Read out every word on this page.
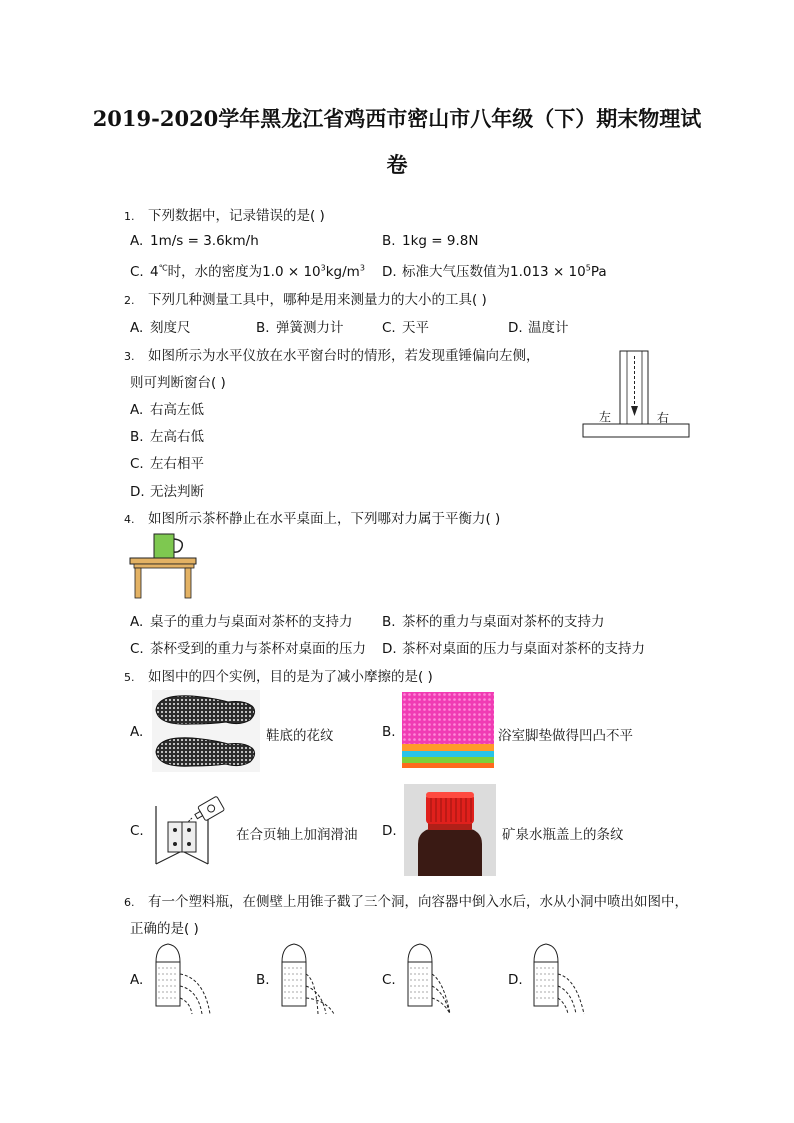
2019-2020学年黑龙江省鸡西市密山市八年级（下）期末物理试
卷
1. 下列数据中，记录错误的是( )
A. 1m/s = 3.6km/h	B. 1kg = 9.8N
C. 4℃时，水的密度为$1.0 \times 10^3kg/m^3$ D. 标准大气压数值为$1.013 \times 10^5Pa$
2. 下列几种测量工具中，哪种是用来测量力的大小的工具( )
A. 刻度尺	B. 弹簧测力计	C. 天平	D. 温度计
3. 如图所示为水平仪放在水平窗台时的情形，若发现重锤偏向左侧，
则可判断窗台( )
A. 右高左低
B. 左高右低
C. 左右相平
D. 无法判断
左	右
4. 如图所示茶杯静止在水平桌面上，下列哪对力属于平衡力( )
A. 桌子的重力与桌面对茶杯的支持力 B. 茶杯的重力与桌面对茶杯的支持力
C. 茶杯受到的重力与茶杯对桌面的压力 D. 茶杯对桌面的压力与桌面对茶杯的支持力
5. 如图中的四个实例，目的是为了减小摩擦的是( )
A.	鞋底的花纹	B.	浴室脚垫做得凹凸不平
C.	在合页轴上加润滑油 D.	矿泉水瓶盖上的条纹
6. 有一个塑料瓶，在侧壁上用锥子戳了三个洞，向容器中倒入水后，水从小洞中喷出如图中，
正确的是( )
A.	B.	C.	D.
